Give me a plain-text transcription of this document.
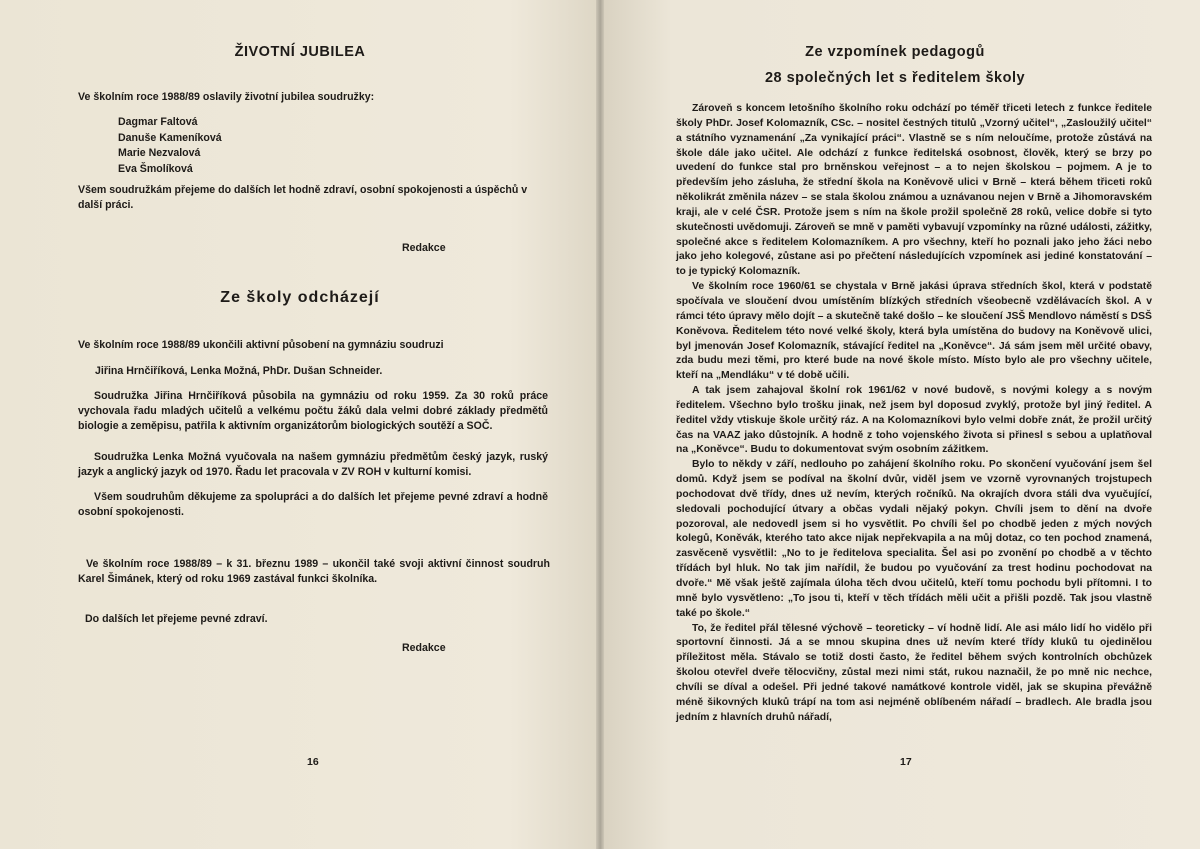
ŽIVOTNÍ JUBILEA

Ve školním roce 1988/89 oslavily životní jubilea soudružky:

Dagmar Faltová
Danuše Kameníková
Marie Nezvalová
Eva Šmolíková

Všem soudružkám přejeme do dalších let hodně zdraví, osobní spokojenosti a úspěchů v další práci.

Redakce

Ze školy odcházejí

Ve školním roce 1988/89 ukončili aktivní působení na gymnáziu soudruzi

Jiřina Hrnčiříková, Lenka Možná, PhDr. Dušan Schneider.

Soudružka Jiřina Hrnčiříková působila na gymnáziu od roku 1959. Za 30 roků práce vychovala řadu mladých učitelů a velkému počtu žáků dala velmi dobré základy předmětů biologie a zeměpisu, patřila k aktivním organizátorům biologických soutěží a SOČ.

Soudružka Lenka Možná vyučovala na našem gymnáziu předmětům český jazyk, ruský jazyk a anglický jazyk od 1970. Řadu let pracovala v ZV ROH v kulturní komisi.

Všem soudruhům děkujeme za spolupráci a do dalších let přejeme pevné zdraví a hodně osobní spokojenosti.

Ve školním roce 1988/89 – k 31. březnu 1989 – ukončil také svoji aktivní činnost soudruh Karel Šimánek, který od roku 1969 zastával funkci školníka.

Do dalších let přejeme pevné zdraví.

Redakce

16
Ze vzpomínek pedagogů
28 společných let s ředitelem školy
17

Zároveň s koncem letošního školního roku odchází po téměř třiceti letech z funkce ředitele školy PhDr. Josef Kolomazník, CSc. – nositel čestných titulů „Vzorný učitel“, „Zasloužilý učitel“ a státního vyznamenání „Za vynikající práci“. Vlastně se s ním neloučíme, protože zůstává na škole dále jako učitel. Ale odchází z funkce ředitelská osobnost, člověk, který se brzy po uvedení do funkce stal pro brněnskou veřejnost – a to nejen školskou – pojmem. A je to především jeho zásluha, že střední škola na Koněvově ulici v Brně – která během třiceti roků několikrát změnila název – se stala školou známou a uznávanou nejen v Brně a Jihomoravském kraji, ale v celé ČSR. Protože jsem s ním na škole prožil společně 28 roků, velice dobře si tyto skutečnosti uvědomuji. Zároveň se mně v paměti vybavují vzpomínky na různé události, zážitky, společné akce s ředitelem Kolomazníkem. A pro všechny, kteří ho poznali jako jeho žáci nebo jako jeho kolegové, zůstane asi po přečtení následujících vzpomínek asi jediné konstatování – to je typický Kolomazník.

Ve školním roce 1960/61 se chystala v Brně jakási úprava středních škol, která v podstatě spočívala ve sloučení dvou umístěním blízkých středních všeobecně vzdělávacích škol. A v rámci této úpravy mělo dojít – a skutečně také došlo – ke sloučení JSŠ Mendlovo náměstí s DSŠ Koněvova. Ředitelem této nové velké školy, která byla umístěna do budovy na Koněvově ulici, byl jmenován Josef Kolomazník, stávající ředitel na „Koněvce“. Já sám jsem měl určité obavy, zda budu mezi těmi, pro které bude na nové škole místo. Místo bylo ale pro všechny učitele, kteří na „Mendláku“ v té době učili.

A tak jsem zahajoval školní rok 1961/62 v nové budově, s novými kolegy a s novým ředitelem. Všechno bylo trošku jinak, než jsem byl doposud zvyklý, protože byl jiný ředitel. A ředitel vždy vtiskuje škole určitý ráz. A na Kolomazníkovi bylo velmi dobře znát, že prožil určitý čas na VAAZ jako důstojník. A hodně z toho vojenského života si přinesl s sebou a uplatňoval na „Koněvce“. Budu to dokumentovat svým osobním zážitkem.

Bylo to někdy v září, nedlouho po zahájení školního roku. Po skončení vyučování jsem šel domů. Když jsem se podíval na školní dvůr, viděl jsem ve vzorně vyrovnaných trojstupech pochodovat dvě třídy, dnes už nevím, kterých ročníků. Na okrajích dvora stáli dva vyučující, sledovali pochodující útvary a občas vydali nějaký pokyn. Chvíli jsem to dění na dvoře pozoroval, ale nedovedl jsem si ho vysvětlit. Po chvíli šel po chodbě jeden z mých nových kolegů, Koněvák, kterého tato akce nijak nepřekvapila a na můj dotaz, co ten pochod znamená, zasvěceně vysvětlil: „No to je ředitelova specialita. Šel asi po zvonění po chodbě a v těchto třídách byl hluk. No tak jim nařídil, že budou po vyučování za trest hodinu pochodovat na dvoře.“ Mě však ještě zajímala úloha těch dvou učitelů, kteří tomu pochodu byli přítomni. I to mně bylo vysvětleno: „To jsou ti, kteří v těch třídách měli učit a přišli pozdě. Tak jsou vlastně také po škole.“

To, že ředitel přál tělesné výchově – teoreticky – ví hodně lidí. Ale asi málo lidí ho vidělo při sportovní činnosti. Já a se mnou skupina dnes už nevím které třídy kluků tu ojedinělou příležitost měla. Stávalo se totiž dosti často, že ředitel během svých kontrolních obchůzek školou otevřel dveře tělocvičny, zůstal mezi nimi stát, rukou naznačil, že po mně nic nechce, chvíli se díval a odešel. Při jedné takové namátkové kontrole viděl, jak se skupina převážně méně šikovných kluků trápí na tom asi nejméně oblíbeném nářadí – bradlech. Ale bradla jsou jedním z hlavních druhů nářadí,
